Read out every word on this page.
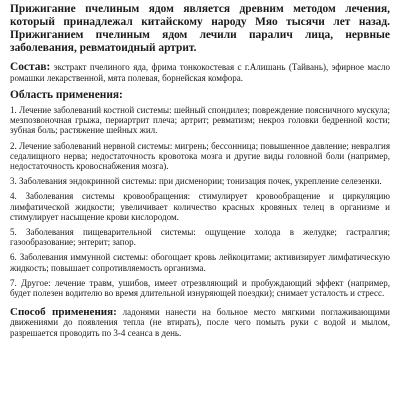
Прижигание пчелиным ядом является древним методом лечения, который принадлежал китайскому народу Мяо тысячи лет назад. Прижиганием пчелиным ядом лечили паралич лица, нервные заболевания, ревматоидный артрит.

Состав: экстракт пчелиного яда, фрима тонкокостевая с г.Алишань (Тайвань), эфирное масло ромашки лекарственной, мята полевая, борнейская комфора.

Область применения:

1. Лечение заболеваний костной системы: шейный спондилез; повреждение поясничного мускула; мезпозвоночная грыжа, периартрит плеча; артрит; ревматизм; некроз головки бедренной кости; зубная боль; растяжение шейных жил.

2. Лечение заболеваний нервной системы: мигрень; бессонница; повышенное давление; невралгия седалищного нерва; недостаточность кровотока мозга и другие виды головной боли (например, недостаточность кровоснабжения мозга).

3. Заболевания эндокринной системы: при дисменории; тонизация почек, укрепление селезенки.

4. Заболевания системы кровообращения: стимулирует кровообращение и циркуляцию лимфатической жидкости; увеличивает количество красных кровяных телец в организме и стимулирует насыщение крови кислородом.

5. Заболевания пищеварительной системы: ощущение холода в желудке; гастралгия; газообразование; энтерит; запор.

6. Заболевания иммунной системы: обогощает кровь лейкоцитами; активизирует лимфатическую жидкость; повышает сопротивляемость организма.

7. Другое: лечение травм, ушибов, имеет отрезвляющий и пробуждающий эффект (например, будет полезен водителю во время длительной изнуряющей поездки); снимает усталость и стресс.

Способ применения: ладонями нанести на больное место мягкими поглаживающими движениями до появления тепла (не втирать), после чего помыть руки с водой и мылом, разрешается проводить по 3-4 сеанса в день.
